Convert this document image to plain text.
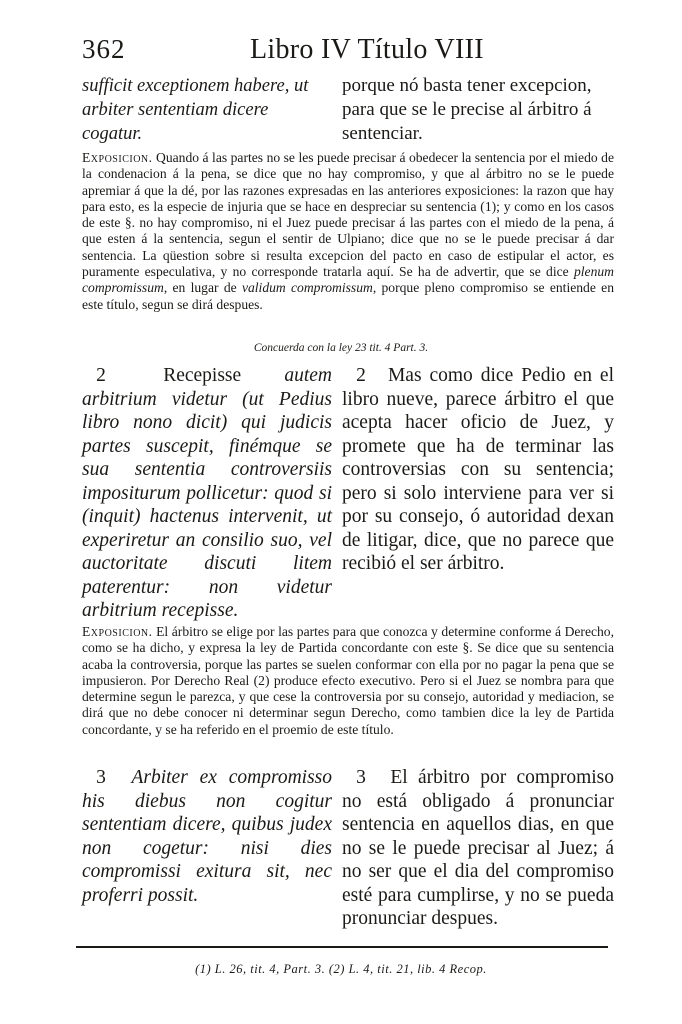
362	Libro IV Título VIII

sufficit exceptionem habere, ut arbiter sententiam dicere cogatur.

porque nó basta tener excepcion, para que se le precise al árbitro á sentenciar.

Exposicion. Quando á las partes no se les puede precisar á obedecer la sentencia por el miedo de la condenacion á la pena, se dice que no hay compromiso, y que al árbitro no se le puede apremiar á que la dé, por las razones expresadas en las anteriores exposiciones: la razon que hay para esto, es la especie de injuria que se hace en despreciar su sentencia (1); y como en los casos de este §. no hay compromiso, ni el Juez puede precisar á las partes con el miedo de la pena, á que esten á la sentencia, segun el sentir de Ulpiano; dice que no se le puede precisar á dar sentencia. La qüestion sobre si resulta excepcion del pacto en caso de estipular el actor, es puramente especulativa, y no corresponde tratarla aquí. Se ha de advertir, que se dice plenum compromissum, en lugar de validum compromissum, porque pleno compromiso se entiende en este título, segun se dirá despues.
Concuerda con la ley 23 tit. 4 Part. 3.

2	Recepisse autem arbitrium videtur (ut Pedius libro nono dicit) qui judicis partes suscepit, finémque se sua sententia controversiis impositurum pollicetur: quod si (inquit) hactenus intervenit, ut experiretur an consilio suo, vel auctoritate discuti litem paterentur: non videtur arbitrium recepisse.

2 Mas como dice Pedio en el libro nueve, parece árbitro el que acepta hacer oficio de Juez, y promete que ha de terminar las controversias con su sentencia; pero si solo interviene para ver si por su consejo, ó autoridad dexan de litigar, dice, que no parece que recibió el ser árbitro.

Exposicion. El árbitro se elige por las partes para que conozca y determine conforme á Derecho, como se ha dicho, y expresa la ley de Partida concordante con este §. Se dice que su sentencia acaba la controversia, porque las partes se suelen conformar con ella por no pagar la pena que se impusieron. Por Derecho Real (2) produce efecto executivo. Pero si el Juez se nombra para que determine segun le parezca, y que cese la controversia por su consejo, autoridad y mediacion, se dirá que no debe conocer ni determinar segun Derecho, como tambien dice la ley de Partida concordante, y se ha referido en el proemio de este título.

3 Arbiter ex compromisso his diebus non cogitur sententiam dicere, quibus judex non cogetur: nisi dies compromissi exitura sit, nec proferri possit.

3 El árbitro por compromiso no está obligado á pronunciar sentencia en aquellos dias, en que no se le puede precisar al Juez; á no ser que el dia del compromiso esté para cumplirse, y no se pueda pronunciar despues.

(1) L. 26, tit. 4, Part. 3. (2) L. 4, tit. 21, lib. 4 Recop.
